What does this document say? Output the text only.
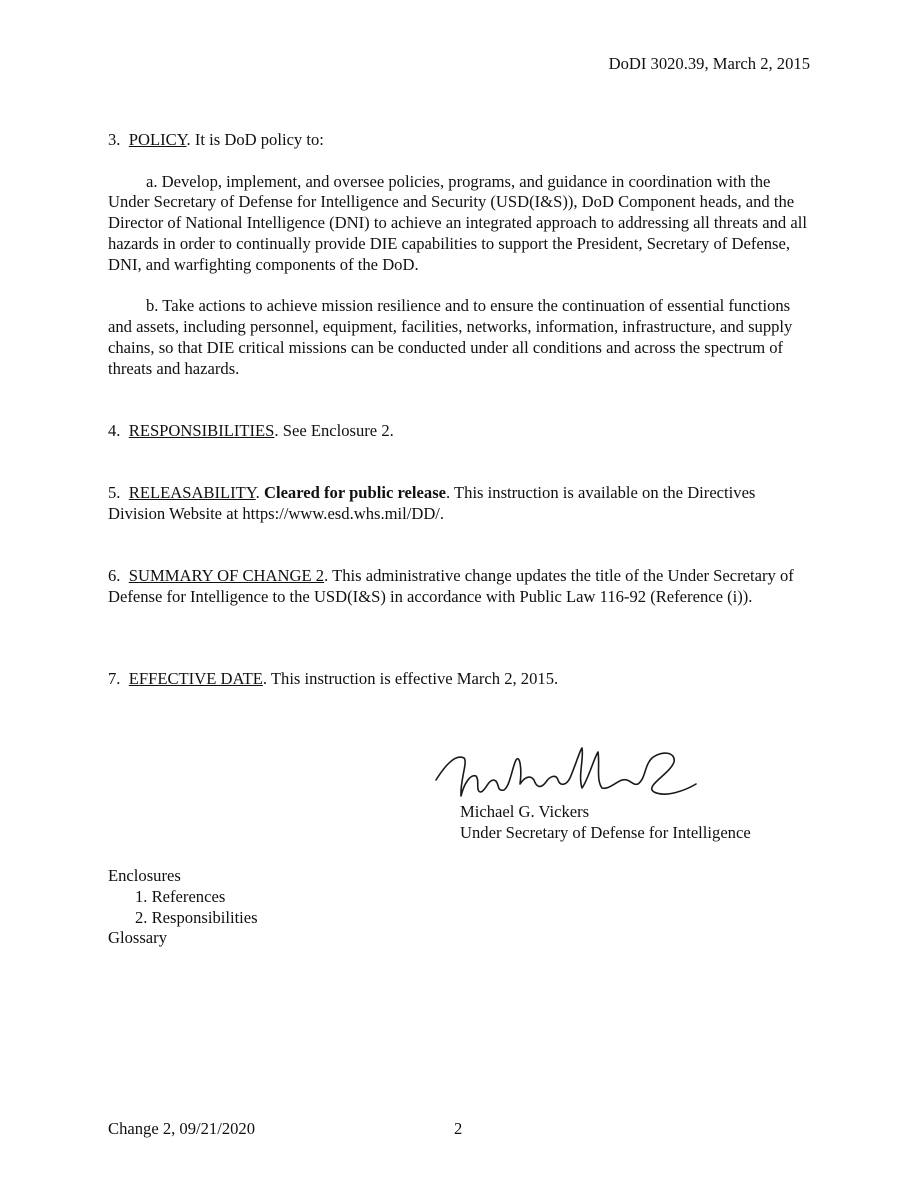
DoDI 3020.39, March 2, 2015

3. POLICY. It is DoD policy to:

a. Develop, implement, and oversee policies, programs, and guidance in coordination with the Under Secretary of Defense for Intelligence and Security (USD(I&S)), DoD Component heads, and the Director of National Intelligence (DNI) to achieve an integrated approach to addressing all threats and all hazards in order to continually provide DIE capabilities to support the President, Secretary of Defense, DNI, and warfighting components of the DoD.

b. Take actions to achieve mission resilience and to ensure the continuation of essential functions and assets, including personnel, equipment, facilities, networks, information, infrastructure, and supply chains, so that DIE critical missions can be conducted under all conditions and across the spectrum of threats and hazards.

4. RESPONSIBILITIES. See Enclosure 2.
5. RELEASABILITY. Cleared for public release. This instruction is available on the Directives Division Website at https://www.esd.whs.mil/DD/.
6. SUMMARY OF CHANGE 2. This administrative change updates the title of the Under Secretary of Defense for Intelligence to the USD(I&S) in accordance with Public Law 116-92 (Reference (i)).
7. EFFECTIVE DATE. This instruction is effective March 2, 2015.
Michael G. Vickers
Under Secretary of Defense for Intelligence
Enclosures
1. References
2. Responsibilities
Glossary
Change 2, 09/21/2020	2
